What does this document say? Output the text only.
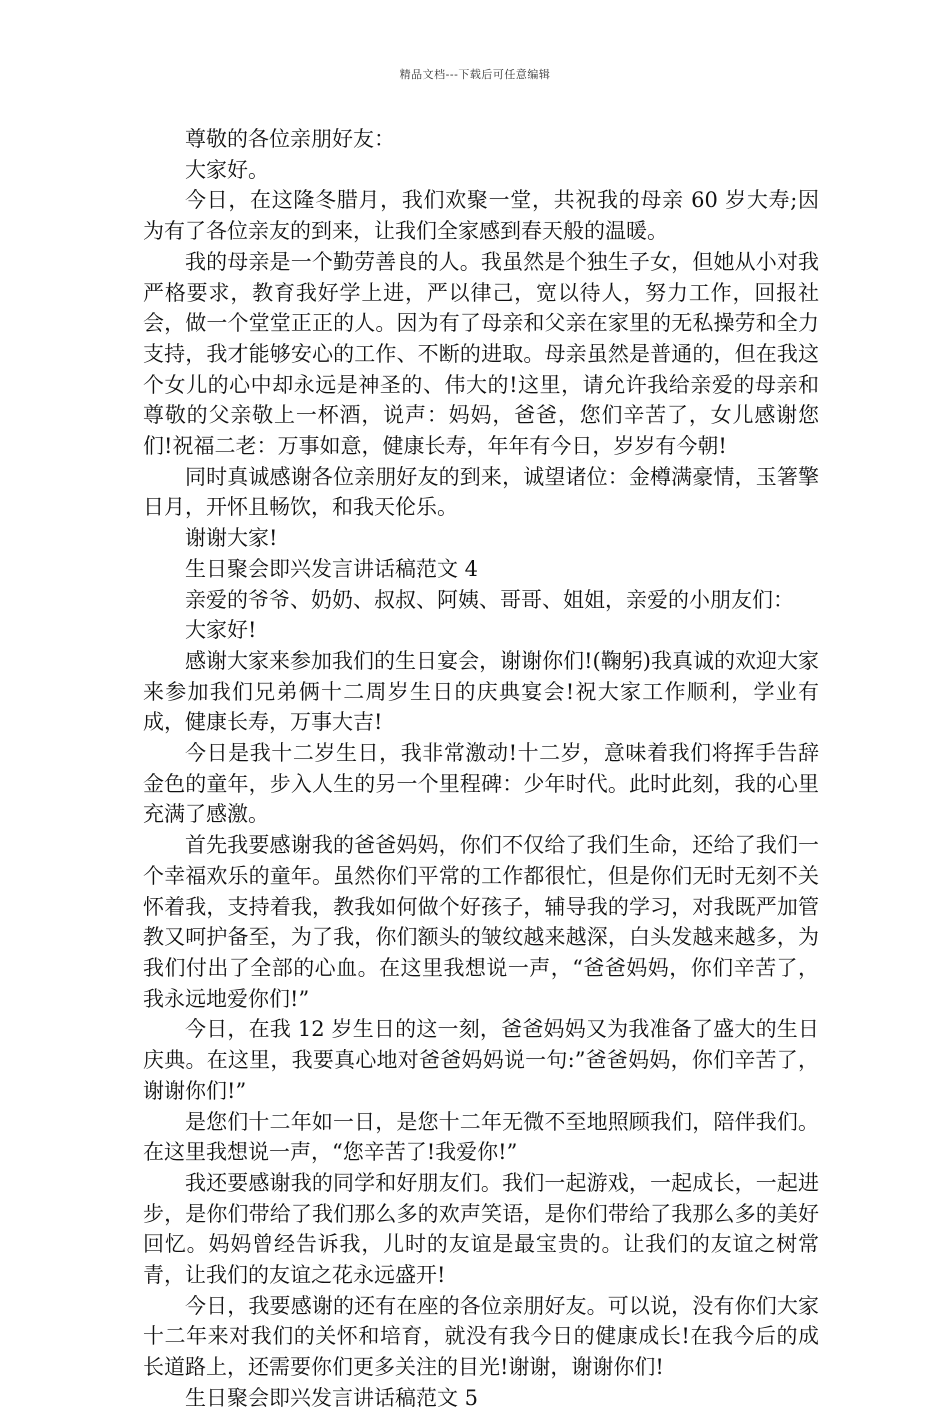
精品文档---下载后可任意编辑

尊敬的各位亲朋好友：

大家好。

今日，在这隆冬腊月，我们欢聚一堂，共祝我的母亲 60 岁大寿;因为有了各位亲友的到来，让我们全家感到春天般的温暖。

我的母亲是一个勤劳善良的人。我虽然是个独生子女，但她从小对我严格要求，教育我好学上进，严以律己，宽以待人，努力工作，回报社会，做一个堂堂正正的人。因为有了母亲和父亲在家里的无私操劳和全力支持，我才能够安心的工作、不断的进取。母亲虽然是普通的，但在我这个女儿的心中却永远是神圣的、伟大的!这里，请允许我给亲爱的母亲和尊敬的父亲敬上一杯酒，说声：妈妈，爸爸，您们辛苦了，女儿感谢您们!祝福二老：万事如意，健康长寿，年年有今日，岁岁有今朝!

同时真诚感谢各位亲朋好友的到来，诚望诸位：金樽满豪情，玉箸擎日月，开怀且畅饮，和我天伦乐。

谢谢大家!

生日聚会即兴发言讲话稿范文 4

亲爱的爷爷、奶奶、叔叔、阿姨、哥哥、姐姐，亲爱的小朋友们：

大家好!

感谢大家来参加我们的生日宴会，谢谢你们!(鞠躬)我真诚的欢迎大家来参加我们兄弟俩十二周岁生日的庆典宴会!祝大家工作顺利，学业有成，健康长寿，万事大吉!

今日是我十二岁生日，我非常激动!十二岁，意味着我们将挥手告辞金色的童年，步入人生的另一个里程碑：少年时代。此时此刻，我的心里充满了感激。

首先我要感谢我的爸爸妈妈，你们不仅给了我们生命，还给了我们一个幸福欢乐的童年。虽然你们平常的工作都很忙，但是你们无时无刻不关怀着我，支持着我，教我如何做个好孩子，辅导我的学习，对我既严加管教又呵护备至，为了我，你们额头的皱纹越来越深，白头发越来越多，为我们付出了全部的心血。在这里我想说一声，“爸爸妈妈，你们辛苦了，我永远地爱你们!”

今日，在我 12 岁生日的这一刻，爸爸妈妈又为我准备了盛大的生日庆典。在这里，我要真心地对爸爸妈妈说一句:”爸爸妈妈，你们辛苦了，谢谢你们!”

是您们十二年如一日，是您十二年无微不至地照顾我们，陪伴我们。在这里我想说一声，“您辛苦了!我爱你!”

我还要感谢我的同学和好朋友们。我们一起游戏，一起成长，一起进步，是你们带给了我们那么多的欢声笑语，是你们带给了我那么多的美好回忆。妈妈曾经告诉我，儿时的友谊是最宝贵的。让我们的友谊之树常青，让我们的友谊之花永远盛开!

今日，我要感谢的还有在座的各位亲朋好友。可以说，没有你们大家十二年来对我们的关怀和培育，就没有我今日的健康成长!在我今后的成长道路上，还需要你们更多关注的目光!谢谢，谢谢你们!

生日聚会即兴发言讲话稿范文 5
